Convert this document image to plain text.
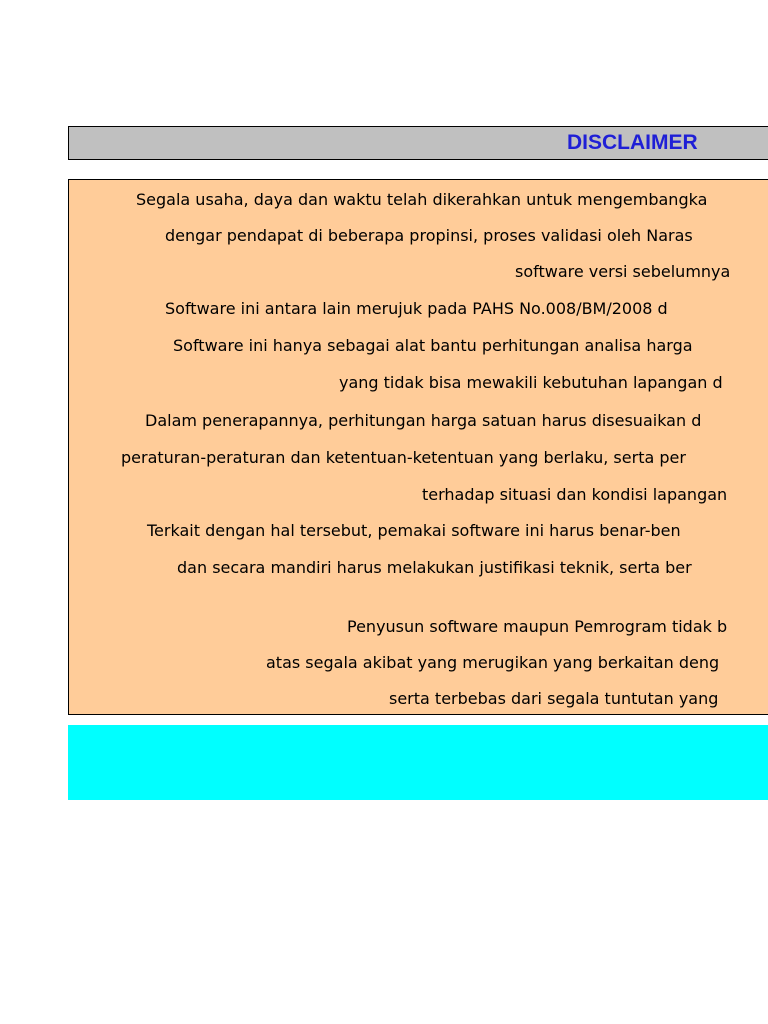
DISCLAIMER
Segala usaha, daya dan waktu telah dikerahkan untuk mengembangka
dengar pendapat di beberapa propinsi, proses validasi oleh Naras
software versi sebelumnya
Software ini antara lain merujuk pada PAHS No.008/BM/2008 d
Software ini hanya sebagai alat bantu perhitungan analisa harga
yang tidak bisa mewakili kebutuhan lapangan d
Dalam penerapannya, perhitungan harga satuan harus disesuaikan d
peraturan-peraturan dan ketentuan-ketentuan yang berlaku, serta per
terhadap situasi dan kondisi lapangan
Terkait dengan hal tersebut, pemakai software ini harus benar-ben
dan secara mandiri harus melakukan justifikasi teknik, serta ber
Penyusun software maupun Pemrogram tidak b
atas segala akibat yang merugikan yang berkaitan deng
serta terbebas dari segala tuntutan yang
